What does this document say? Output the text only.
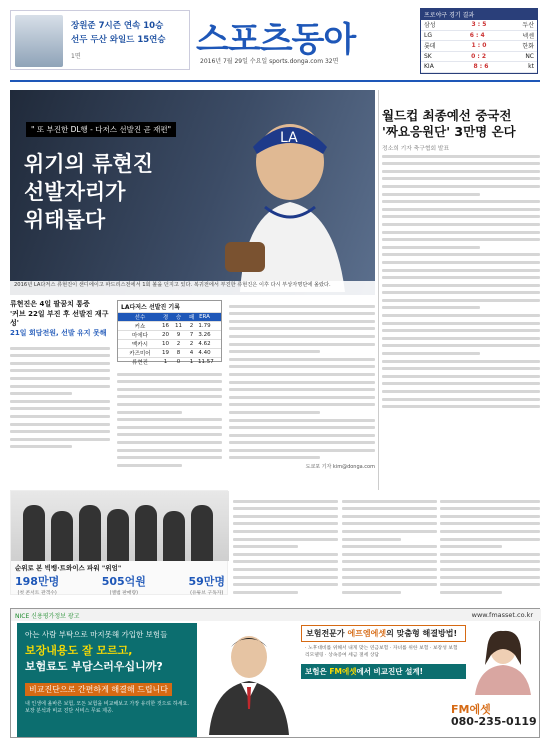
장원준 7시즌 연속 10승
선두 두산 와일드 15연승
1면	스포츠동아
2016년 7월 29일 수요일 sports.donga.com 32면
프로야구 경기 결과
삼성	3 : 5	두산
LG	6 : 4	넥센
롯데	1 : 0	한화
SK	0 : 2	NC
KIA	8 : 6	kt
" 또 부진한 DL행 - 다저스 선발진 곧 재편"
위기의 류현진
선발자리가
위태롭다
LA
2016년 LA다저스 류현진이 샌디에이고 파드리스전에서 1회 볼을 던지고 있다. 복귀전에서 부진한 류현진은 이후 다시 부상자명단에 올랐다.
월드컵 최종예선 중국전
'짜요응원단' 3만명 온다
정소희 기자 축구협회 발표
류현진은 4일 팔꿈치 통증
'커브 22일 부진 후 선발진 재구성'
21일 회담전원, 선발 유지 못해
LA다저스 선발진 기록
선수	경	승	패 ERA
커쇼	16	11	2 1.79
마에다	20	9	7 3.26
맥카시	10	2	2 4.62
카즈미어	19	8	4 4.40
류현진	1	0	1 11.57
도쿄포 기자 kim@donga.com
순위로 본 빅뱅·트와이스 파워 "위엄"
198만명
(첫 콘서트 관객수)
505억원
(앨범 판매량)
59만명
(유튜브 구독자)
NICE 신용평가정보 광고	www.fmasset.co.kr
아는 사람 부탁으로 마지못해 가입한 보험들
보장내용도 잘 모르고,
보험료도 부담스러우십니까?
비교진단으로 간편하게 해결해 드립니다
내 인생에 올바른 보험, 모든 보험을 비교해보고 가장 유리한 것으로 하세요. 보장 분석과 비교 진단 서비스 무료 제공.
보험전문가 에프엠에셋의 맞춤형 해결방법!
· 노후대비를 위해서 내게 맞는 연금보험 · 자녀를 위한 보험 · 보장성 보험 리모델링 · 상속증여 세금 절세 상담
보험은 FM에셋에서 비교진단 설계!
FM에셋
080-235-0119
